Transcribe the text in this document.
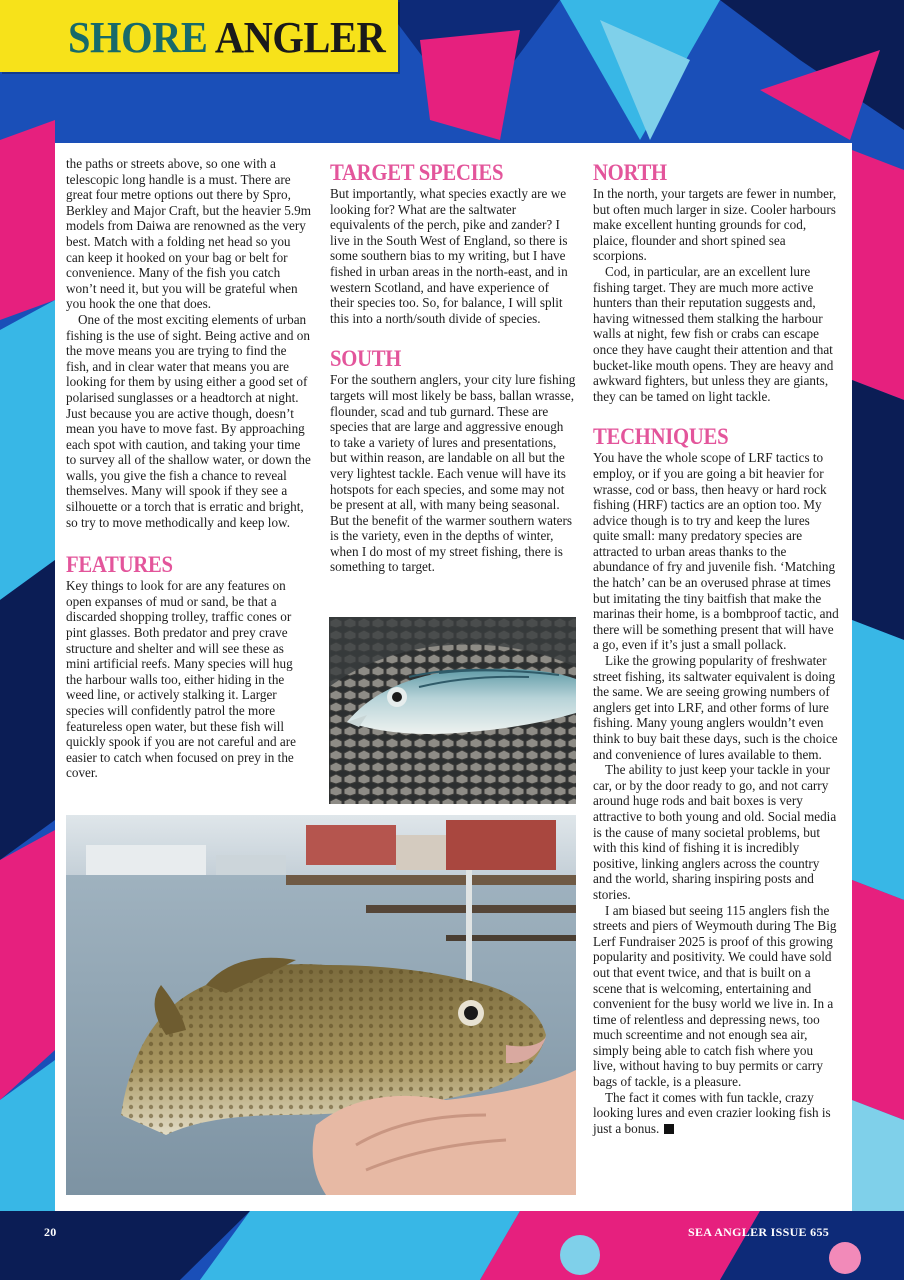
SHORE ANGLER

the paths or streets above, so one with a telescopic long handle is a must. There are great four metre options out there by Spro, Berkley and Major Craft, but the heavier 5.9m models from Daiwa are renowned as the very best. Match with a folding net head so you can keep it hooked on your bag or belt for convenience. Many of the fish you catch won’t need it, but you will be grateful when you hook the one that does.

One of the most exciting elements of urban fishing is the use of sight. Being active and on the move means you are trying to find the fish, and in clear water that means you are looking for them by using either a good set of polarised sunglasses or a headtorch at night. Just because you are active though, doesn’t mean you have to move fast. By approaching each spot with caution, and taking your time to survey all of the shallow water, or down the walls, you give the fish a chance to reveal themselves. Many will spook if they see a silhouette or a torch that is erratic and bright, so try to move methodically and keep low.

FEATURES

Key things to look for are any features on open expanses of mud or sand, be that a discarded shopping trolley, traffic cones or pint glasses. Both predator and prey crave structure and shelter and will see these as mini artificial reefs. Many species will hug the harbour walls too, either hiding in the weed line, or actively stalking it. Larger species will confidently patrol the more featureless open water, but these fish will quickly spook if you are not careful and are easier to catch when focused on prey in the cover.

TARGET SPECIES

But importantly, what species exactly are we looking for? What are the saltwater equivalents of the perch, pike and zander? I live in the South West of England, so there is some southern bias to my writing, but I have fished in urban areas in the north-east, and in western Scotland, and have experience of their species too. So, for balance, I will split this into a north/south divide of species.

SOUTH

For the southern anglers, your city lure fishing targets will most likely be bass, ballan wrasse, flounder, scad and tub gurnard. These are species that are large and aggressive enough to take a variety of lures and presentations, but within reason, are landable on all but the very lightest tackle. Each venue will have its hotspots for each species, and some may not be present at all, with many being seasonal. But the benefit of the warmer southern waters is the variety, even in the depths of winter, when I do most of my street fishing, there is something to target.

NORTH

In the north, your targets are fewer in number, but often much larger in size. Cooler harbours make excellent hunting grounds for cod, plaice, flounder and short spined sea scorpions.

Cod, in particular, are an excellent lure fishing target. They are much more active hunters than their reputation suggests and, having witnessed them stalking the harbour walls at night, few fish or crabs can escape once they have caught their attention and that bucket-like mouth opens. They are heavy and awkward fighters, but unless they are giants, they can be tamed on light tackle.

TECHNIQUES

You have the whole scope of LRF tactics to employ, or if you are going a bit heavier for wrasse, cod or bass, then heavy or hard rock fishing (HRF) tactics are an option too. My advice though is to try and keep the lures quite small: many predatory species are attracted to urban areas thanks to the abundance of fry and juvenile fish. ‘Matching the hatch’ can be an overused phrase at times but imitating the tiny baitfish that make the marinas their home, is a bombproof tactic, and there will be something present that will have a go, even if it’s just a small pollack.

Like the growing popularity of freshwater street fishing, its saltwater equivalent is doing the same. We are seeing growing numbers of anglers get into LRF, and other forms of lure fishing. Many young anglers wouldn’t even think to buy bait these days, such is the choice and convenience of lures available to them.

The ability to just keep your tackle in your car, or by the door ready to go, and not carry around huge rods and bait boxes is very attractive to both young and old. Social media is the cause of many societal problems, but with this kind of fishing it is incredibly positive, linking anglers across the country and the world, sharing inspiring posts and stories.

I am biased but seeing 115 anglers fish the streets and piers of Weymouth during The Big Lerf Fundraiser 2025 is proof of this growing popularity and positivity. We could have sold out that event twice, and that is built on a scene that is welcoming, entertaining and convenient for the busy world we live in. In a time of relentless and depressing news, too much screentime and not enough sea air, simply being able to catch fish where you live, without having to buy permits or carry bags of tackle, is a pleasure.

The fact it comes with fun tackle, crazy looking lures and even crazier looking fish is just a bonus.

20	SEA ANGLER ISSUE 655
